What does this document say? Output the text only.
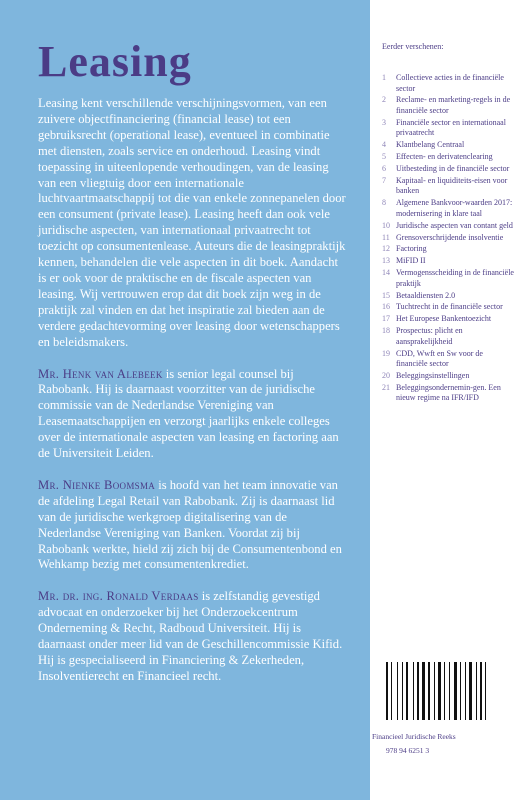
Leasing

Leasing kent verschillende verschijningsvormen, van een zuivere objectfinanciering (financial lease) tot een gebruiksrecht (operational lease), eventueel in combinatie met diensten, zoals service en onderhoud. Leasing vindt toepassing in uiteenlopende verhoudingen, van de leasing van een vliegtuig door een internationale luchtvaartmaatschappij tot die van enkele zonnepanelen door een consument (private lease). Leasing heeft dan ook vele juridische aspecten, van internationaal privaatrecht tot toezicht op consumentenlease. Auteurs die de leasingpraktijk kennen, behandelen die vele aspecten in dit boek. Aandacht is er ook voor de praktische en de fiscale aspecten van leasing. Wij vertrouwen erop dat dit boek zijn weg in de praktijk zal vinden en dat het inspiratie zal bieden aan de verdere gedachtevorming over leasing door wetenschappers en beleidsmakers.

Mr. Henk van Alebeek is senior legal counsel bij Rabobank. Hij is daarnaast voorzitter van de juridische commissie van de Nederlandse Vereniging van Leasemaatschappijen en verzorgt jaarlijks enkele colleges over de internationale aspecten van leasing en factoring aan de Universiteit Leiden.

Mr. Nienke Boomsma is hoofd van het team innovatie van de afdeling Legal Retail van Rabobank. Zij is daarnaast lid van de juridische werkgroep digitalisering van de Nederlandse Vereniging van Banken. Voordat zij bij Rabobank werkte, hield zij zich bij de Consumentenbond en Wehkamp bezig met consumentenkrediet.

Mr. dr. ing. Ronald Verdaas is zelfstandig gevestigd advocaat en onderzoeker bij het Onderzoekcentrum Onderneming & Recht, Radboud Universiteit. Hij is daarnaast onder meer lid van de Geschillencommissie Kifid. Hij is gespecialiseerd in Financiering & Zekerheden, Insolventierecht en Financieel recht.

Eerder verschenen:
1	Collectieve acties in de financiële sector
2	Reclame- en marketing-regels in de financiële sector
3	Financiële sector en internationaal privaatrecht
4	Klantbelang Centraal
5	Effecten- en derivatenclearing
6	Uitbesteding in de financiële sector
7	Kapitaal- en liquiditeits-eisen voor banken
8	Algemene Bankvoor-waarden 2017: modernisering in klare taal
10 Juridische aspecten van contant geld
11 Grensoverschrijdende insolventie
12 Factoring
13 MiFID II
14 Vermogensscheiding in de financiële praktijk
15 Betaaldiensten 2.0
16 Tuchtrecht in de financiële sector
17 Het Europese Bankentoezicht
18 Prospectus: plicht en aansprakelijkheid
19 CDD, Wwft en Sw voor de financiële sector
20 Beleggingsinstellingen
21 Beleggingsondernemin-gen. Een nieuw regime na IFR/IFD
Financieel Juridische Reeks
978 94 6251 3
